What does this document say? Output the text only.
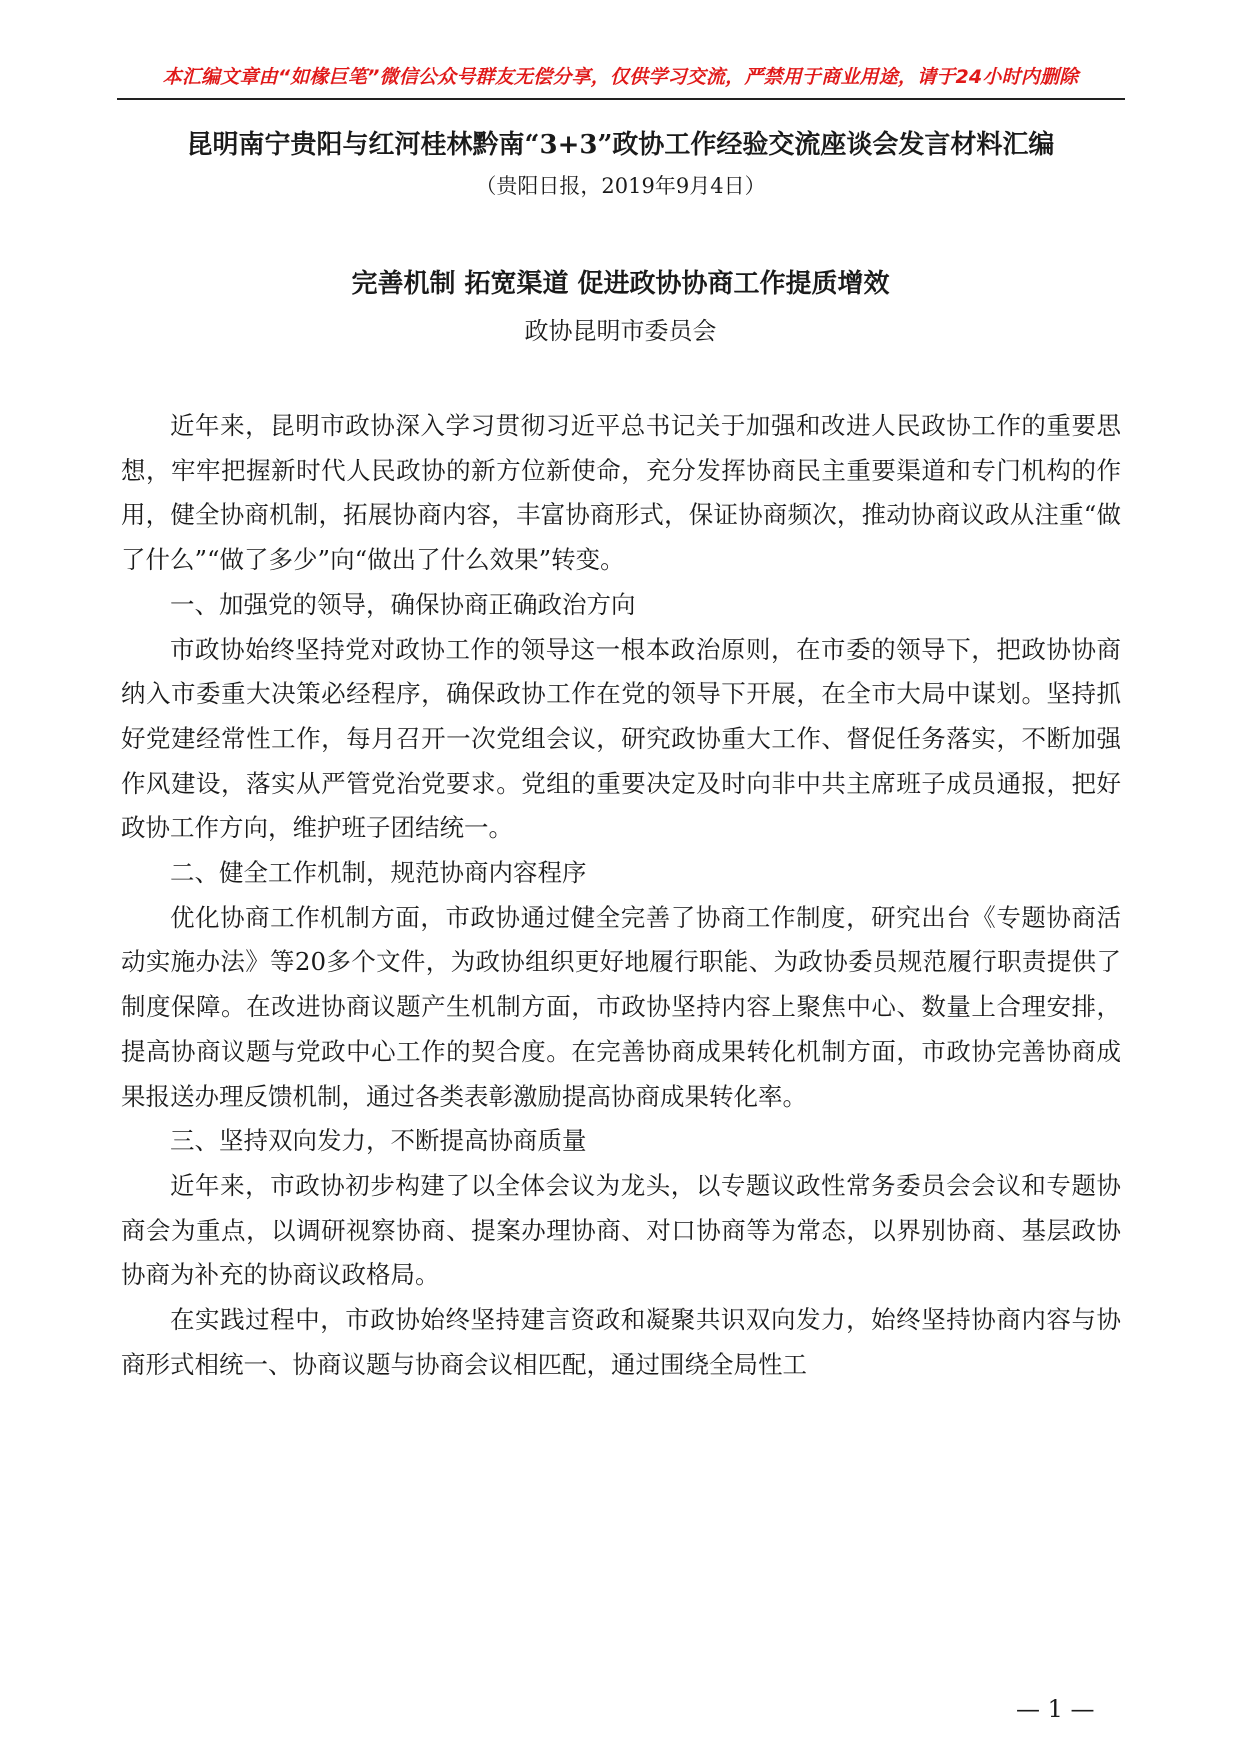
本汇编文章由“如椽巨笔”微信公众号群友无偿分享，仅供学习交流，严禁用于商业用途，请于24小时内删除
昆明南宁贵阳与红河桂林黔南“3+3”政协工作经验交流座谈会发言材料汇编
（贵阳日报，2019年9月4日）
完善机制 拓宽渠道 促进政协协商工作提质增效
政协昆明市委员会

近年来，昆明市政协深入学习贯彻习近平总书记关于加强和改进人民政协工作的重要思想，牢牢把握新时代人民政协的新方位新使命，充分发挥协商民主重要渠道和专门机构的作用，健全协商机制，拓展协商内容，丰富协商形式，保证协商频次，推动协商议政从注重“做了什么”“做了多少”向“做出了什么效果”转变。

一、加强党的领导，确保协商正确政治方向

市政协始终坚持党对政协工作的领导这一根本政治原则，在市委的领导下，把政协协商纳入市委重大决策必经程序，确保政协工作在党的领导下开展，在全市大局中谋划。坚持抓好党建经常性工作，每月召开一次党组会议，研究政协重大工作、督促任务落实，不断加强作风建设，落实从严管党治党要求。党组的重要决定及时向非中共主席班子成员通报，把好政协工作方向，维护班子团结统一。

二、健全工作机制，规范协商内容程序

优化协商工作机制方面，市政协通过健全完善了协商工作制度，研究出台《专题协商活动实施办法》等20多个文件，为政协组织更好地履行职能、为政协委员规范履行职责提供了制度保障。在改进协商议题产生机制方面，市政协坚持内容上聚焦中心、数量上合理安排，提高协商议题与党政中心工作的契合度。在完善协商成果转化机制方面，市政协完善协商成果报送办理反馈机制，通过各类表彰激励提高协商成果转化率。

三、坚持双向发力，不断提高协商质量

近年来，市政协初步构建了以全体会议为龙头，以专题议政性常务委员会会议和专题协商会为重点，以调研视察协商、提案办理协商、对口协商等为常态，以界别协商、基层政协协商为补充的协商议政格局。

在实践过程中，市政协始终坚持建言资政和凝聚共识双向发力，始终坚持协商内容与协商形式相统一、协商议题与协商会议相匹配，通过围绕全局性工

— 1 —
